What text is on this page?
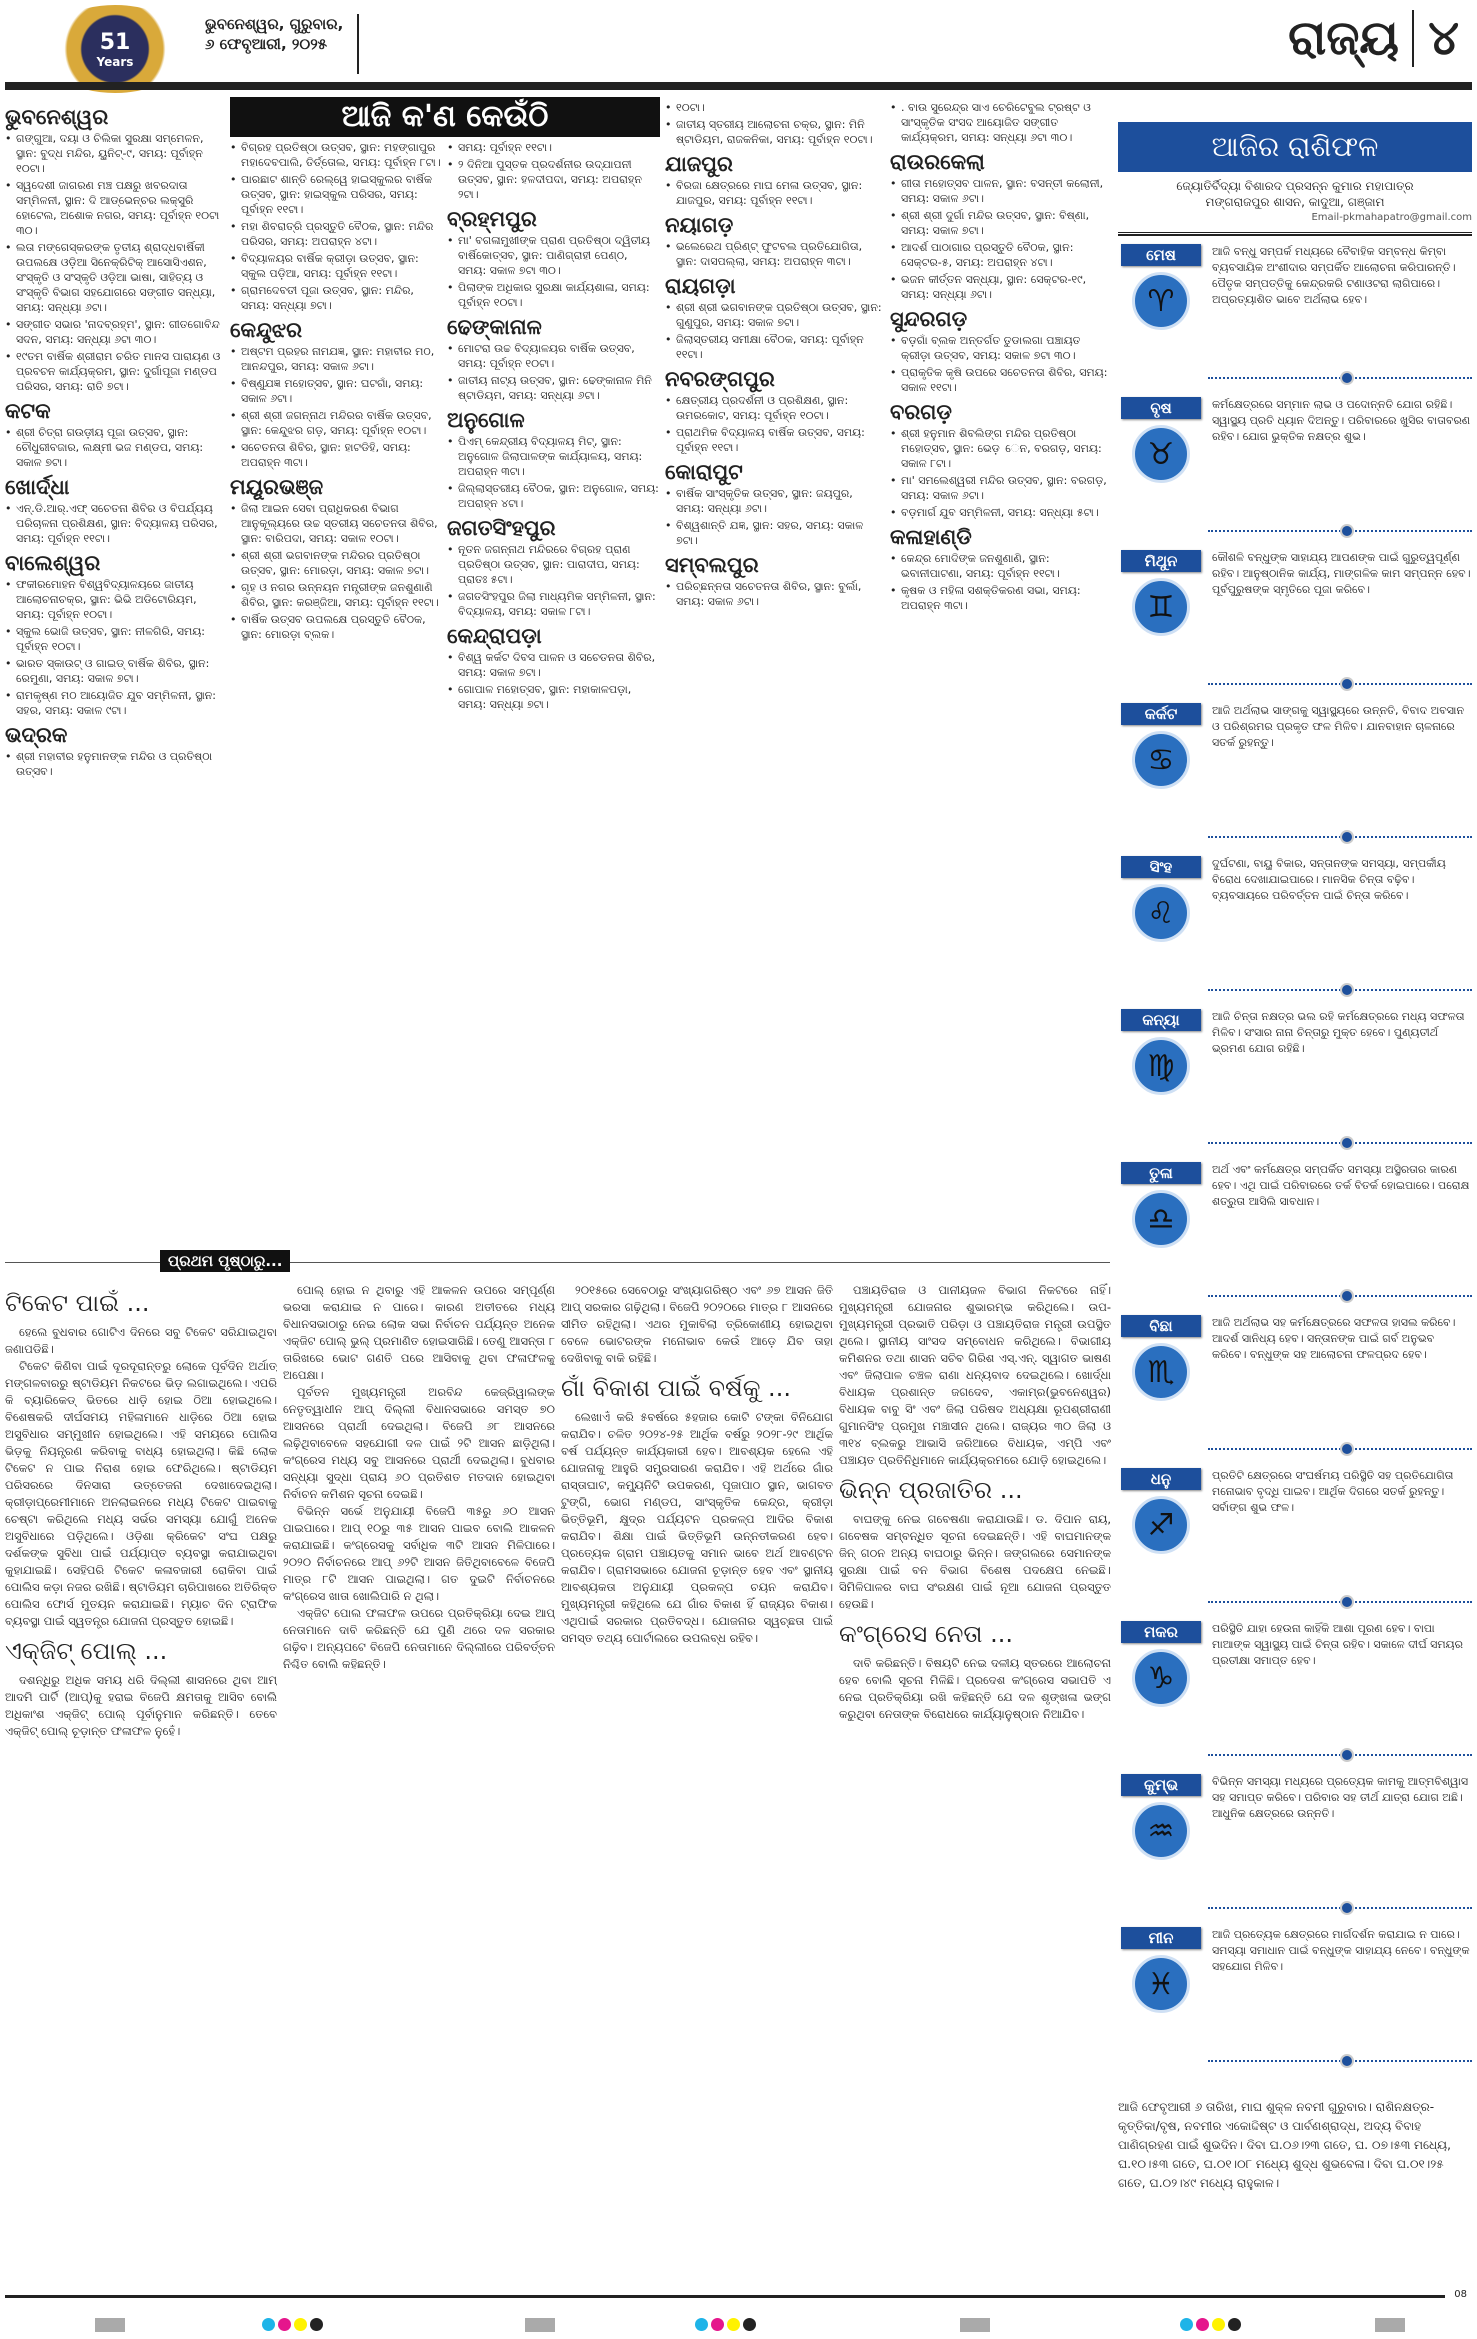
51
Years
ଭୁବନେଶ୍ୱର, ଗୁରୁବାର,
୬ ଫେବୃଆରୀ, ୨୦୨୫	ରାଜ୍ୟ ୪
ଆଜି କ'ଣ କେଉଁଠି
ଭୁବନେଶ୍ୱର
• ଗଙ୍ଗୁଆ, ଦୟା ଓ ଚିଲିକା ସୁରକ୍ଷା ସମ୍ମେଳନ, ସ୍ଥାନ: ବୁଦ୍ଧ ମନ୍ଦିର, ୟୁନିଟ୍-୯, ସମୟ: ପୂର୍ବାହ୍ନ ୧୦ଟା।
• ସ୍ୱଦେଶୀ ଜାଗରଣ ମଞ୍ଚ ପକ୍ଷରୁ ଖବରଦାତା ସମ୍ମିଳନୀ, ସ୍ଥାନ: ଦି ଆଡ୍‌ଭେନ୍‌ଚର ଲକ୍ସୁରି ହୋଟେଲ, ଅଶୋକ ନଗର, ସମୟ: ପୂର୍ବାହ୍ନ ୧୦ଟା ୩୦।
• ଲତା ମଙ୍ଗେସ୍‌କରଙ୍କ ତୃତୀୟ ଶ୍ରାଦ୍ଧବାର୍ଷିକୀ ଉପଲକ୍ଷେ ଓଡ଼ିଆ ସିନେକ୍ରିଟିକ୍ ଆସୋସିଏଶନ, ସଂସ୍କୃତି ଓ ସଂସ୍କୃତି ଓଡ଼ିଆ ଭାଷା, ସାହିତ୍ୟ ଓ ସଂସ୍କୃତି ବିଭାଗ ସହଯୋଗରେ ସଙ୍ଗୀତ ସନ୍ଧ୍ୟା, ସମୟ: ସନ୍ଧ୍ୟା ୬ଟା।
• ସଙ୍ଗୀତ ସଭାର 'ନାଦବ୍ରହ୍ମ', ସ୍ଥାନ: ଗୀତଗୋବିନ୍ଦ ସଦନ, ସମୟ: ସନ୍ଧ୍ୟା ୬ଟା ୩୦।
• ୧୯ତମ ବାର୍ଷିକ ଶ୍ରୀରାମ ଚରିତ ମାନସ ପାରାୟଣ ଓ ପ୍ରବଚନ କାର୍ଯ୍ୟକ୍ରମ, ସ୍ଥାନ: ଦୁର୍ଗାପୂଜା ମଣ୍ଡପ ପରିସର, ସମୟ: ରାତି ୭ଟା।
କଟକ
• ଶ୍ରୀ ଚିତ୍ରା ଗଉଡ଼ୀୟ ପୂଜା ଉତ୍ସବ, ସ୍ଥାନ: ଚୌଧୁରୀବଜାର, ଲକ୍ଷ୍ମୀ ଭଜ ମଣ୍ଡପ, ସମୟ: ସକାଳ ୭ଟା।
ଖୋର୍ଦ୍ଧା
• ଏନ୍.ଡି.ଆର୍.ଏଫ୍ ସଚେତନା ଶିବିର ଓ ବିପର୍ଯ୍ୟୟ ପରିଚାଳନା ପ୍ରଶିକ୍ଷଣ, ସ୍ଥାନ: ବିଦ୍ୟାଳୟ ପରିସର, ସମୟ: ପୂର୍ବାହ୍ନ ୧୧ଟା।
ବାଲେଶ୍ୱର
• ଫକୀରମୋହନ ବିଶ୍ୱବିଦ୍ୟାଳୟରେ ଜାତୀୟ ଆଲୋଚନାଚକ୍ର, ସ୍ଥାନ: ଭିଭି ଅଡିଟୋରିୟମ, ସମୟ: ପୂର୍ବାହ୍ନ ୧୦ଟା।
• ସ୍କୁଲ ଭୋଜି ଉତ୍ସବ, ସ୍ଥାନ: ନୀଳଗିରି, ସମୟ: ପୂର୍ବାହ୍ନ ୧୦ଟା।
• ଭାରତ ସ୍କାଉଟ୍ ଓ ଗାଇଡ୍ ବାର୍ଷିକ ଶିବିର, ସ୍ଥାନ: ରେମୁଣା, ସମୟ: ସକାଳ ୭ଟା।
• ରାମକୃଷ୍ଣ ମଠ ଆୟୋଜିତ ଯୁବ ସମ୍ମିଳନୀ, ସ୍ଥାନ: ସହର, ସମୟ: ସକାଳ ୯ଟା।
ଭଦ୍ରକ
• ଶ୍ରୀ ମହାବୀର ହନୁମାନଙ୍କ ମନ୍ଦିର ଓ ପ୍ରତିଷ୍ଠା ଉତ୍ସବ।
• ବିଗ୍ରହ ପ୍ରତିଷ୍ଠା ଉତ୍ସବ, ସ୍ଥାନ: ମହଙ୍ଗାପୁର ମହାଦେବପାଲି, ତିର୍ତ୍ତୋଲ, ସମୟ: ପୂର୍ବାହ୍ନ ୮ଟା।
• ପାରଛାଟ ଶାନ୍ତି ରେଲ୍ୱେ ହାଇସ୍କୁଲର ବାର୍ଷିକ ଉତ୍ସବ, ସ୍ଥାନ: ହାଇସ୍କୁଲ ପରିସର, ସମୟ: ପୂର୍ବାହ୍ନ ୧୧ଟା।
• ମହା ଶିବରାତ୍ରି ପ୍ରସ୍ତୁତି ବୈଠକ, ସ୍ଥାନ: ମନ୍ଦିର ପରିସର, ସମୟ: ଅପରାହ୍ନ ୪ଟା।
• ବିଦ୍ୟାଳୟର ବାର୍ଷିକ କ୍ରୀଡ଼ା ଉତ୍ସବ, ସ୍ଥାନ: ସ୍କୁଲ ପଡ଼ିଆ, ସମୟ: ପୂର୍ବାହ୍ନ ୧୧ଟା।
• ଗ୍ରାମଦେବତୀ ପୂଜା ଉତ୍ସବ, ସ୍ଥାନ: ମନ୍ଦିର, ସମୟ: ସନ୍ଧ୍ୟା ୭ଟା।
କେନ୍ଦୁଝର
• ଅଷ୍ଟମ ପ୍ରହର ନାମଯଜ୍ଞ, ସ୍ଥାନ: ମହାବୀର ମଠ, ଆନନ୍ଦପୁର, ସମୟ: ସକାଳ ୬ଟା।
• ବିଷ୍ଣୁଯଜ୍ଞ ମହୋତ୍ସବ, ସ୍ଥାନ: ଘଟଗାଁ, ସମୟ: ସକାଳ ୬ଟା।
• ଶ୍ରୀ ଶ୍ରୀ ଜଗନ୍ନାଥ ମନ୍ଦିରର ବାର୍ଷିକ ଉତ୍ସବ, ସ୍ଥାନ: କେନ୍ଦୁଝର ଗଡ଼, ସମୟ: ପୂର୍ବାହ୍ନ ୧୦ଟା।
• ସଚେତନତା ଶିବିର, ସ୍ଥାନ: ହାଟଡିହି, ସମୟ: ଅପରାହ୍ନ ୩ଟା।
ମୟୂରଭଞ୍ଜ
• ଜିଲା ଆଇନ ସେବା ପ୍ରାଧିକରଣ ବିଭାଗ ଆନୁକୂଲ୍ୟରେ ଉଚ୍ଚ ସ୍ତରୀୟ ସଚେତନତା ଶିବିର, ସ୍ଥାନ: ବାରିପଦା, ସମୟ: ସକାଳ ୧୦ଟା।
• ଶ୍ରୀ ଶ୍ରୀ ଭଗବାନଙ୍କ ମନ୍ଦିରର ପ୍ରତିଷ୍ଠା ଉତ୍ସବ, ସ୍ଥାନ: ମୋରଡ଼ା, ସମୟ: ସକାଳ ୭ଟା।
• ଗୃହ ଓ ନଗର ଉନ୍ନୟନ ମନ୍ତ୍ରୀଙ୍କ ଜନଶୁଣାଣି ଶିବିର, ସ୍ଥାନ: କରଞ୍ଜିଆ, ସମୟ: ପୂର୍ବାହ୍ନ ୧୧ଟା।
• ବାର୍ଷିକ ଉତ୍ସବ ଉପଲକ୍ଷେ ପ୍ରସ୍ତୁତି ବୈଠକ, ସ୍ଥାନ: ମୋରଡ଼ା ବ୍ଲକ।
• ସମୟ: ପୂର୍ବାହ୍ନ ୧୧ଟା।
• ୨ ଦିନିଆ ପୁସ୍ତକ ପ୍ରଦର୍ଶନୀର ଉଦ୍‌ଯାପନୀ ଉତ୍ସବ, ସ୍ଥାନ: ହଳଦୀପଦା, ସମୟ: ଅପରାହ୍ନ ୨ଟା।
ବ୍ରହ୍ମପୁର
• ମା' ବଗଳାମୁଖୀଙ୍କ ପ୍ରାଣ ପ୍ରତିଷ୍ଠା ଦ୍ୱିତୀୟ ବାର୍ଷିକୋତ୍ସବ, ସ୍ଥାନ: ପାଣିଗ୍ରାହୀ ପେଣ୍ଠ, ସମୟ: ସକାଳ ୭ଟା ୩୦।
• ପିଲାଙ୍କ ଅଧିକାର ସୁରକ୍ଷା କାର୍ଯ୍ୟଶାଳା, ସମୟ: ପୂର୍ବାହ୍ନ ୧୦ଟା।
ଢେଙ୍କାନାଳ
• ମୋଟରା ଉଚ୍ଚ ବିଦ୍ୟାଳୟର ବାର୍ଷିକ ଉତ୍ସବ, ସମୟ: ପୂର୍ବାହ୍ନ ୧୦ଟା।
• ଜାତୀୟ ନାଟ୍ୟ ଉତ୍ସବ, ସ୍ଥାନ: ଢେଙ୍କାନାଳ ମିନି ଷ୍ଟାଡିୟମ, ସମୟ: ସନ୍ଧ୍ୟା ୬ଟା।
ଅନୁଗୋଳ
• ପିଏମ୍ କେନ୍ଦ୍ରୀୟ ବିଦ୍ୟାଳୟ ମିଟ୍, ସ୍ଥାନ: ଅନୁଗୋଳ ଜିଲାପାଳଙ୍କ କାର୍ଯ୍ୟାଳୟ, ସମୟ: ଅପରାହ୍ନ ୩ଟା।
• ଜିଲ୍ଲାସ୍ତରୀୟ ବୈଠକ, ସ୍ଥାନ: ଅନୁଗୋଳ, ସମୟ: ଅପରାହ୍ନ ୪ଟା।
ଜଗତସିଂହପୁର
• ନୂତନ ଜଗନ୍ନାଥ ମନ୍ଦିରରେ ବିଗ୍ରହ ପ୍ରାଣ ପ୍ରତିଷ୍ଠା ଉତ୍ସବ, ସ୍ଥାନ: ପାରାଦୀପ, ସମୟ: ପ୍ରାତଃ ୫ଟା।
• ଜଗତସିଂହପୁର ଜିଲା ମାଧ୍ୟମିକ ସମ୍ମିଳନୀ, ସ୍ଥାନ: ବିଦ୍ୟାଳୟ, ସମୟ: ସକାଳ ୮ଟା।
କେନ୍ଦ୍ରାପଡ଼ା
• ବିଶ୍ୱ କର୍କଟ ଦିବସ ପାଳନ ଓ ସଚେତନତା ଶିବିର, ସମୟ: ସକାଳ ୭ଟା।
• ଗୋପାଳ ମହୋତ୍ସବ, ସ୍ଥାନ: ମହାକାଳପଡ଼ା, ସମୟ: ସନ୍ଧ୍ୟା ୭ଟା।
• ୧୦ଟା।
• ଜାତୀୟ ସ୍ତରୀୟ ଆଲୋଚନା ଚକ୍ର, ସ୍ଥାନ: ମିନି ଷ୍ଟାଡିୟମ, ରାଜକନିକା, ସମୟ: ପୂର୍ବାହ୍ନ ୧୦ଟା।
ଯାଜପୁର
• ବିରଜା କ୍ଷେତ୍ରରେ ମାଘ ମେଳା ଉତ୍ସବ, ସ୍ଥାନ: ଯାଜପୁର, ସମୟ: ପୂର୍ବାହ୍ନ ୧୧ଟା।
ନୟାଗଡ଼
• ଭଲେରେଥ ପ୍ରିଣ୍ଟ୍ ଫୁଟବଲ ପ୍ରତିଯୋଗିତା, ସ୍ଥାନ: ଦାସପଲ୍ଲା, ସମୟ: ଅପରାହ୍ନ ୩ଟା।
ରାୟଗଡ଼ା
• ଶ୍ରୀ ଶ୍ରୀ ଭଗବାନଙ୍କ ପ୍ରତିଷ୍ଠା ଉତ୍ସବ, ସ୍ଥାନ: ଗୁଣୁପୁର, ସମୟ: ସକାଳ ୭ଟା।
• ଜିଲାସ୍ତରୀୟ ସମୀକ୍ଷା ବୈଠକ, ସମୟ: ପୂର୍ବାହ୍ନ ୧୧ଟା।
ନବରଙ୍ଗପୁର
• କ୍ଷେତ୍ରୀୟ ପ୍ରଦର୍ଶନୀ ଓ ପ୍ରଶିକ୍ଷଣ, ସ୍ଥାନ: ଉମରକୋଟ, ସମୟ: ପୂର୍ବାହ୍ନ ୧୦ଟା।
• ପ୍ରାଥମିକ ବିଦ୍ୟାଳୟ ବାର୍ଷିକ ଉତ୍ସବ, ସମୟ: ପୂର୍ବାହ୍ନ ୧୧ଟା।
କୋରାପୁଟ
• ବାର୍ଷିକ ସାଂସ୍କୃତିକ ଉତ୍ସବ, ସ୍ଥାନ: ଜୟପୁର, ସମୟ: ସନ୍ଧ୍ୟା ୬ଟା।
• ବିଶ୍ୱଶାନ୍ତି ଯଜ୍ଞ, ସ୍ଥାନ: ସହର, ସମୟ: ସକାଳ ୭ଟା।
ସମ୍ବଲପୁର
• ପରିଚ୍ଛନ୍ନତା ସଚେତନତା ଶିବିର, ସ୍ଥାନ: ବୁର୍ଲା, ସମୟ: ସକାଳ ୬ଟା।
• . ବାଉ ସୁରେନ୍ଦ୍ର ସାଏ ଚେରିଟେବୁଲ ଟ୍ରଷ୍ଟ ଓ ସାଂସ୍କୃତିକ ସଂସଦ ଆୟୋଜିତ ସଙ୍ଗୀତ କାର୍ଯ୍ୟକ୍ରମ, ସମୟ: ସନ୍ଧ୍ୟା ୬ଟା ୩୦।
ରାଉରକେଲା
• ଗୀତା ମହୋତ୍ସବ ପାଳନ, ସ୍ଥାନ: ବସନ୍ତୀ କଲୋନୀ, ସମୟ: ସକାଳ ୬ଟା।
• ଶ୍ରୀ ଶ୍ରୀ ଦୁର୍ଗା ମନ୍ଦିର ଉତ୍ସବ, ସ୍ଥାନ: ବିଷ୍ଣା, ସମୟ: ସକାଳ ୭ଟା।
• ଆଦର୍ଶ ପାଠାଗାର ପ୍ରସ୍ତୁତି ବୈଠକ, ସ୍ଥାନ: ସେକ୍ଟର-୫, ସମୟ: ଅପରାହ୍ନ ୪ଟା।
• ଭଜନ କୀର୍ତ୍ତନ ସନ୍ଧ୍ୟା, ସ୍ଥାନ: ସେକ୍ଟର-୧୯, ସମୟ: ସନ୍ଧ୍ୟା ୬ଟା।
ସୁନ୍ଦରଗଡ଼
• ବଡ଼ଗାଁ ବ୍ଲକ ଅନ୍ତର୍ଗତ ତୁଡାଲଗା ପଞ୍ଚାୟତ କ୍ରୀଡ଼ା ଉତ୍ସବ, ସମୟ: ସକାଳ ୭ଟା ୩୦।
• ପ୍ରାକୃତିକ କୃଷି ଉପରେ ସଚେତନତା ଶିବିର, ସମୟ: ସକାଳ ୧୧ଟା।
ବରଗଡ଼
• ଶ୍ରୀ ହନୁମାନ ଶିବଲିଙ୍ଗ ମନ୍ଦିର ପ୍ରତିଷ୍ଠା ମହୋତ୍ସବ, ସ୍ଥାନ: ଭେଡ଼ େନ, ବରଗଡ଼, ସମୟ: ସକାଳ ୮ଟା।
• ମା' ସମଲେଶ୍ୱରୀ ମନ୍ଦିର ଉତ୍ସବ, ସ୍ଥାନ: ବରଗଡ଼, ସମୟ: ସକାଳ ୬ଟା।
• ବଡ଼ମାର୍ଗ ଯୁବ ସମ୍ମିଳନୀ, ସମୟ: ସନ୍ଧ୍ୟା ୫ଟା।
କଳାହାଣ୍ଡି
• କେନ୍ଦ୍ର ମୋଦିଙ୍କ ଜନଶୁଣାଣି, ସ୍ଥାନ: ଭବାନୀପାଟଣା, ସମୟ: ପୂର୍ବାହ୍ନ ୧୧ଟା।
• କୃଷକ ଓ ମହିଳା ସଶକ୍ତିକରଣ ସଭା, ସମୟ: ଅପରାହ୍ନ ୩ଟା।
ଆଜିର ରାଶିଫଳ
ଜ୍ୟୋତିର୍ବିଦ୍ୟା ବିଶାରଦ ପ୍ରସନ୍ନ କୁମାର ମହାପାତ୍ର
ମଙ୍ଗରାଜପୁର ଶାସନ, କାଦୁଆ, ଗଞ୍ଜାମ
Email-pkmahapatro@gmail.com
ମେଷ
♈
ଆଜି ବନ୍ଧୁ ସମ୍ପର୍କ ମଧ୍ୟରେ ବୈବାହିକ ସମ୍ବନ୍ଧ କିମ୍ବା ବ୍ୟବସାୟିକ ଅଂଶୀଦାର ସମ୍ପର୍କିତ ଆଲୋଚନା କରିପାରନ୍ତି। ପୈତୃକ ସମ୍ପତ୍ତିକୁ କେନ୍ଦ୍ରକରି ଟଣାଓଟରା ଲାଗିପାରେ। ଅପ୍ରତ୍ୟାଶିତ ଭାବେ ଅର୍ଥଲାଭ ହେବ।
ବୃଷ
♉
କର୍ମକ୍ଷେତ୍ରରେ ସମ୍ମାନ ଲାଭ ଓ ପଦୋନ୍ନତି ଯୋଗ ରହିଛି। ସ୍ୱାସ୍ଥ୍ୟ ପ୍ରତି ଧ୍ୟାନ ଦିଅନ୍ତୁ। ପରିବାରରେ ଖୁସିର ବାତାବରଣ ରହିବ। ଯୋଗ ଭୁକ୍ତିକ ନକ୍ଷତ୍ର ଶୁଭ।
ମିଥୁନ
♊
କୌଶଳି ବନ୍ଧୁଙ୍କ ସାହାଯ୍ୟ ଆପଣଙ୍କ ପାଇଁ ଗୁରୁତ୍ୱପୂର୍ଣ୍ଣ ରହିବ। ଆନୁଷ୍ଠାନିକ କାର୍ଯ୍ୟ, ମାଙ୍ଗଳିକ କାମ ସମ୍ପନ୍ନ ହେବ। ପୂର୍ବପୁରୁଷଙ୍କ ସ୍ମୃତିରେ ପୂଜା କରିବେ।
କର୍କଟ
♋
ଆଜି ଅର୍ଥଲାଭ ସାଙ୍ଗକୁ ସ୍ୱାସ୍ଥ୍ୟରେ ଉନ୍ନତି, ବିବାଦ ଅବସାନ ଓ ପରିଶ୍ରମର ପ୍ରକୃତ ଫଳ ମିଳିବ। ଯାନବାହାନ ଚାଳନାରେ ସତର୍କ ରୁହନ୍ତୁ।
ସିଂହ
♌
ଦୁର୍ଘଟଣା, ବାୟୁ ବିକାର, ସନ୍ତାନଙ୍କ ସମସ୍ୟା, ସମ୍ପର୍କୀୟ ବିରୋଧ ଦେଖାଯାଇପାରେ। ମାନସିକ ଚିନ୍ତା ବଢ଼ିବ। ବ୍ୟବସାୟରେ ପରିବର୍ତ୍ତନ ପାଇଁ ଚିନ୍ତା କରିବେ।
କନ୍ୟା
♍
ଆଜି ଚିନ୍ତା ନକ୍ଷତ୍ର ଭଲ ରହି କର୍ମକ୍ଷେତ୍ରରେ ମଧ୍ୟ ସଫଳତା ମିଳିବ। ସଂସାର ନାନା ଚିନ୍ତାରୁ ମୁକ୍ତ ହେବେ। ପୁଣ୍ୟତୀର୍ଥ ଭ୍ରମଣ ଯୋଗ ରହିଛି।
ତୁଳା
♎
ଅର୍ଥ ଏବଂ କର୍ମକ୍ଷେତ୍ର ସମ୍ପର୍କିତ ସମସ୍ୟା ଅସ୍ଥିରତାର କାରଣ ହେବ। ଏଥି ପାଇଁ ପରିବାରରେ ତର୍କ ବିତର୍କ ହୋଇପାରେ। ପରୋକ୍ଷ ଶତ୍ରୁତା ଆସିଲି ସାବଧାନ।
ବିଛା
♏
ଆଜି ଅର୍ଥଲାଭ ସହ କର୍ମକ୍ଷେତ୍ରରେ ସଫଳତା ହାସଲ କରିବେ। ଆଦର୍ଶ ସାନିଧ୍ୟ ହେବ। ସନ୍ତାନଙ୍କ ପାଇଁ ଗର୍ବ ଅନୁଭବ କରିବେ। ବନ୍ଧୁଙ୍କ ସହ ଆଲୋଚନା ଫଳପ୍ରଦ ହେବ।
ଧନୁ
♐
ପ୍ରତିଟି କ୍ଷେତ୍ରରେ ସଂଘର୍ଷମୟ ପରିସ୍ଥିତି ସହ ପ୍ରତିଯୋଗିତା ମନୋଭାବ ବୃଦ୍ଧି ପାଇବ। ଆର୍ଥିକ ଦିଗରେ ସତର୍କ ରୁହନ୍ତୁ। ସର୍ବାଙ୍ଗ ଶୁଭ ଫଳ।
ମକର
♑
ପରିସ୍ଥିତି ଯାହା ହେଉନା କାହିଁକି ଆଶା ପୂରଣ ହେବ। ବାପା ମାଆଙ୍କ ସ୍ୱାସ୍ଥ୍ୟ ପାଇଁ ଚିନ୍ତା ରହିବ। ସକାଳେ ଦୀର୍ଘ ସମୟର ପ୍ରତୀକ୍ଷା ସମାପ୍ତ ହେବ।
କୁମ୍ଭ
♒
ବିଭିନ୍ନ ସମସ୍ୟା ମଧ୍ୟରେ ପ୍ରତ୍ୟେକ କାମକୁ ଆତ୍ମବିଶ୍ୱାସ ସହ ସମାପ୍ତ କରିବେ। ପରିବାର ସହ ତୀର୍ଥ ଯାତ୍ରା ଯୋଗ ଅଛି। ଆଧୁନିକ କ୍ଷେତ୍ରରେ ଉନ୍ନତି।
ମୀନ
♓
ଆଜି ପ୍ରତ୍ୟେକ କ୍ଷେତ୍ରରେ ମାର୍ଗଦର୍ଶନ କରାଯାଇ ନ ପାରେ। ସମସ୍ୟା ସମାଧାନ ପାଇଁ ବନ୍ଧୁଙ୍କ ସାହାଯ୍ୟ ନେବେ। ବନ୍ଧୁଙ୍କ ସହଯୋଗ ମିଳିବ।
ଆଜି ଫେବୃଆରୀ ୬ ତାରିଖ, ମାଘ ଶୁକ୍ଳ ନବମୀ ଗୁରୁବାର। ରାଶିନକ୍ଷତ୍ର-କୃତ୍ତିକା/ବୃଷ, ନବମୀର ଏକୋଦ୍ଦିଷ୍ଟ ଓ ପାର୍ବଣଶ୍ରାଦ୍ଧ, ଅଦ୍ୟ ବିବାହ ପାଣିଗ୍ରହଣ ପାଇଁ ଶୁଭଦିନ। ଦିବା ଘ.୦୬।୨୩ ଗତେ, ଘ. ୦୭।୫୩ ମଧ୍ୟେ, ଘ.୧୦।୫୩ ଗତେ, ଘ.୦୧।୦୮ ମଧ୍ୟେ ଶୁଦ୍ଧ ଶୁଭବେଳା। ଦିବା ଘ.୦୧।୨୫ ଗତେ, ଘ.୦୨।୪୯ ମଧ୍ୟେ ରାହୁକାଳ।
ପ୍ରଥମ ପୃଷ୍ଠାରୁ...
ଟିକେଟ ପାଇଁ ...

ହେଲେ ବୁଧବାର ଗୋଟିଏ ଦିନରେ ସବୁ ଟିକେଟ ସରିଯାଇଥିବା ଜଣାପଡିଛି।

ଟିକେଟ କିଣିବା ପାଇଁ ଦୂରଦୂରାନ୍ତରୁ ଲୋକେ ପୂର୍ବଦିନ ଅର୍ଥାତ୍ ମଙ୍ଗଳବାରରୁ ଷ୍ଟାଡିୟମ ନିକଟରେ ଭିଡ଼ ଲଗାଇଥିଲେ। ଏପରି କି ବ୍ୟାରିକେଡ୍ ଭିତରେ ଧାଡ଼ି ହୋଇ ଠିଆ ହୋଇଥିଲେ। ବିଶେଷକରି ଦୀର୍ଘସମୟ ମହିଳାମାନେ ଧାଡ଼ିରେ ଠିଆ ହୋଇ ଅସୁବିଧାର ସମ୍ମୁଖୀନ ହୋଇଥିଲେ। ଏହି ସମୟରେ ପୋଲିସ ଭିଡ଼କୁ ନିୟନ୍ତ୍ରଣ କରିବାକୁ ବାଧ୍ୟ ହୋଇଥିଲା। କିଛି ଲୋକ ଟିକେଟ ନ ପାଇ ନିରାଶ ହୋଇ ଫେରିଥିଲେ। ଷ୍ଟାଡିୟମ ପରିସରରେ ଦିନସାରା ଉତ୍ତେଜନା ଦେଖାଦେଇଥିଲା। କ୍ରୀଡ଼ାପ୍ରେମୀମାନେ ଅନଲାଇନରେ ମଧ୍ୟ ଟିକେଟ ପାଇବାକୁ ଚେଷ୍ଟା କରିଥିଲେ ମଧ୍ୟ ସର୍ଭର ସମସ୍ୟା ଯୋଗୁଁ ଅନେକ ଅସୁବିଧାରେ ପଡ଼ିଥିଲେ। ଓଡ଼ିଶା କ୍ରିକେଟ ସଂଘ ପକ୍ଷରୁ ଦର୍ଶକଙ୍କ ସୁବିଧା ପାଇଁ ପର୍ଯ୍ୟାପ୍ତ ବ୍ୟବସ୍ଥା କରାଯାଇଥିବା କୁହାଯାଇଛି। ସେହିପରି ଟିକେଟ କଳାବଜାରୀ ରୋକିବା ପାଇଁ ପୋଲିସ କଡ଼ା ନଜର ରଖିଛି। ଷ୍ଟାଡିୟମ ଚାରିପାଖରେ ଅତିରିକ୍ତ ପୋଲିସ ଫୋର୍ସ ମୁତୟନ କରାଯାଇଛି। ମ୍ୟାଚ ଦିନ ଟ୍ରାଫିକ ବ୍ୟବସ୍ଥା ପାଇଁ ସ୍ୱତନ୍ତ୍ର ଯୋଜନା ପ୍ରସ୍ତୁତ ହୋଇଛି।

ଏକ୍‌ଜିଟ୍ ପୋଲ୍ ...

ଦଶନ୍ଧିରୁ ଅଧିକ ସମୟ ଧରି ଦିଲ୍ଲୀ ଶାସନରେ ଥିବା ଆମ୍ ଆଦମି ପାର୍ଟି (ଆପ୍)କୁ ହରାଇ ବିଜେପି କ୍ଷମତାକୁ ଆସିବ ବୋଲି ଅଧିକାଂଶ ଏକ୍‌ଜିଟ୍ ପୋଲ୍ ପୂର୍ବାନୁମାନ କରିଛନ୍ତି। ତେବେ ଏକ୍‌ଜିଟ୍ ପୋଲ୍ ଚୂଡ଼ାନ୍ତ ଫଳାଫଳ ନୁହେଁ।

ପୋଲ୍ ହୋଇ ନ ଥିବାରୁ ଏହି ଆକଳନ ଉପରେ ସମ୍ପୂର୍ଣ୍ଣ ଭରସା କରାଯାଇ ନ ପାରେ। କାରଣ ଅତୀତରେ ମଧ୍ୟ ବିଧାନସଭାଠାରୁ ନେଇ ଲୋକ ସଭା ନିର୍ବାଚନ ପର୍ଯ୍ୟନ୍ତ ଅନେକ ଏକ୍‌ଜିଟ ପୋଲ୍ ଭୁଲ୍ ପ୍ରମାଣିତ ହୋଇସାରିଛି। ତେଣୁ ଆସନ୍ତା ୮ ତାରିଖରେ ଭୋଟ ଗଣତି ପରେ ଆସିବାକୁ ଥିବା ଫଳାଫଳକୁ ଅପେକ୍ଷା।

ପୂର୍ବତନ ମୁଖ୍ୟମନ୍ତ୍ରୀ ଅରବିନ୍ଦ କେଜ୍‌ରିୱାଲଙ୍କ ନେତୃତ୍ୱାଧୀନ ଆପ୍ ଦିଲ୍ଲୀ ବିଧାନସଭାରେ ସମସ୍ତ ୭୦ ଆସନରେ ପ୍ରାର୍ଥୀ ଦେଇଥିଲା। ବିଜେପି ୬୮ ଆସନରେ ଲଢ଼ିଥିବାବେଳେ ସହଯୋଗୀ ଦଳ ପାଇଁ ୨ଟି ଆସନ ଛାଡ଼ିଥିଲା। କଂଗ୍ରେସ ମଧ୍ୟ ସବୁ ଆସନରେ ପ୍ରାର୍ଥୀ ଦେଇଥିଲା। ବୁଧବାର ସନ୍ଧ୍ୟା ସୁଦ୍ଧା ପ୍ରାୟ ୬୦ ପ୍ରତିଶତ ମତଦାନ ହୋଇଥିବା ନିର୍ବାଚନ କମିଶନ ସୂଚନା ଦେଇଛି।

ବିଭିନ୍ନ ସର୍ଭେ ଅନୁଯାୟୀ ବିଜେପି ୩୫ରୁ ୬୦ ଆସନ ପାଇପାରେ। ଆପ୍ ୧୦ରୁ ୩୫ ଆସନ ପାଇବ ବୋଲି ଆକଳନ କରାଯାଇଛି। କଂଗ୍ରେସକୁ ସର୍ବାଧିକ ୩ଟି ଆସନ ମିଳିପାରେ। ୨୦୨୦ ନିର୍ବାଚନରେ ଆପ୍ ୬୨ଟି ଆସନ ଜିତିଥିବାବେଳେ ବିଜେପି ମାତ୍ର ୮ଟି ଆସନ ପାଇଥିଲା। ଗତ ଦୁଇଟି ନିର୍ବାଚନରେ କଂଗ୍ରେସ ଖାତା ଖୋଲିପାରି ନ ଥିଲା।

ଏକ୍‌ଜିଟ ପୋଲ ଫଳାଫଳ ଉପରେ ପ୍ରତିକ୍ରିୟା ଦେଇ ଆପ୍ ନେତାମାନେ ଦାବି କରିଛନ୍ତି ଯେ ପୁଣି ଥରେ ଦଳ ସରକାର ଗଢ଼ିବ। ଅନ୍ୟପଟେ ବିଜେପି ନେତାମାନେ ଦିଲ୍ଲୀରେ ପରିବର୍ତ୍ତନ ନିଶ୍ଚିତ ବୋଲି କହିଛନ୍ତି।

୨୦୧୫ରେ ସେବେଠାରୁ ସଂଖ୍ୟାଗରିଷ୍ଠ ଏବଂ ୬୭ ଆସନ ଜିତି ଆପ୍ ସରକାର ଗଢ଼ିଥିଲା। ବିଜେପି ୨୦୨୦ରେ ମାତ୍ର ୮ ଆସନରେ ସୀମିତ ରହିଥିଲା। ଏଥର ମୁକାବିଲା ତ୍ରିକୋଣୀୟ ହୋଇଥିବା ବେଳେ ଭୋଟରଙ୍କ ମନୋଭାବ କେଉଁ ଆଡ଼େ ଯିବ ତାହା ଦେଖିବାକୁ ବାକି ରହିଛି।

ଗାଁ ବିକାଶ ପାଇଁ ବର୍ଷକୁ ...

ଲେଖାଏଁ କରି ୫ବର୍ଷରେ ୫ହଜାର କୋଟି ଟଙ୍କା ବିନିଯୋଗ କରାଯିବ। ଚଳିତ ୨୦୨୪-୨୫ ଆର୍ଥିକ ବର୍ଷରୁ ୨୦୨୮-୨୯ ଆର୍ଥିକ ବର୍ଷ ପର୍ଯ୍ୟନ୍ତ କାର୍ଯ୍ୟକାରୀ ହେବ। ଆବଶ୍ୟକ ହେଲେ ଏହି ଯୋଜନାକୁ ଆହୁରି ସମ୍ପ୍ରସାରଣ କରାଯିବ। ଏହି ଅର୍ଥରେ ଗାଁର ରାସ୍ତାଘାଟ, କମ୍ୟୁନିଟି ଉପକରଣ, ପୂଜାପାଠ ସ୍ଥାନ, ଭାଗବତ ଟୁଙ୍ଗି, ଭୋଗ ମଣ୍ଡପ, ସାଂସ୍କୃତିକ କେନ୍ଦ୍ର, କ୍ରୀଡ଼ା ଭିତ୍ତିଭୂମି, କ୍ଷୁଦ୍ର ପର୍ଯ୍ୟଟନ ପ୍ରକଳ୍ପ ଆଦିର ବିକାଶ କରାଯିବ। ଶିକ୍ଷା ପାଇଁ ଭିତ୍ତିଭୂମି ଉନ୍ନତୀକରଣ ହେବ। ପ୍ରତ୍ୟେକ ଗ୍ରାମ ପଞ୍ଚାୟତକୁ ସମାନ ଭାବେ ଅର୍ଥ ଆବଣ୍ଟନ କରାଯିବ। ଗ୍ରାମସଭାରେ ଯୋଜନା ଚୂଡ଼ାନ୍ତ ହେବ ଏବଂ ସ୍ଥାନୀୟ ଆବଶ୍ୟକତା ଅନୁଯାୟୀ ପ୍ରକଳ୍ପ ଚୟନ କରାଯିବ। ମୁଖ୍ୟମନ୍ତ୍ରୀ କହିଥିଲେ ଯେ ଗାଁର ବିକାଶ ହିଁ ରାଜ୍ୟର ବିକାଶ। ଏଥିପାଇଁ ସରକାର ପ୍ରତିବଦ୍ଧ। ଯୋଜନାର ସ୍ୱଚ୍ଛତା ପାଇଁ ସମସ୍ତ ତଥ୍ୟ ପୋର୍ଟାଲରେ ଉପଲବ୍ଧ ରହିବ।

ପଞ୍ଚାୟତିରାଜ ଓ ପାନୀୟଜଳ ବିଭାଗ ନିକଟରେ ନାହିଁ। ମୁଖ୍ୟମନ୍ତ୍ରୀ ଯୋଜନାର ଶୁଭାରମ୍ଭ କରିଥିଲେ। ଉପ-ମୁଖ୍ୟମନ୍ତ୍ରୀ ପ୍ରଭାତି ପରିଡ଼ା ଓ ପଞ୍ଚାୟତିରାଜ ମନ୍ତ୍ରୀ ଉପସ୍ଥିତ ଥିଲେ। ସ୍ଥାନୀୟ ସାଂସଦ ସମ୍ବୋଧନ କରିଥିଲେ। ବିଭାଗୀୟ କମିଶନର ତଥା ଶାସନ ସଚିବ ଗିରିଶ ଏସ୍.ଏନ୍. ସ୍ୱାଗତ ଭାଷଣ ଏବଂ ଜିଲାପାଳ ଚଞ୍ଚଳ ରାଣା ଧନ୍ୟବାଦ ଦେଇଥିଲେ। ଖୋର୍ଦ୍ଧା ବିଧାୟକ ପ୍ରଶାନ୍ତ ଜଗଦେବ, ଏକାମ୍ର(ଭୁବନେଶ୍ୱର) ବିଧାୟକ ବାବୁ ସିଂ ଏବଂ ଜିଲା ପରିଷଦ ଅଧ୍ୟକ୍ଷା ରୂପଶ୍ରୀରାଣୀ ଗୁମାନସିଂହ ପ୍ରମୁଖ ମଞ୍ଚାସୀନ ଥିଲେ। ରାଜ୍ୟର ୩୦ ଜିଲା ଓ ୩୧୪ ବ୍ଲକରୁ ଆଭାସି ଜରିଆରେ ବିଧାୟକ, ଏମ୍‌ପି ଏବଂ ପଞ୍ଚାୟତ ପ୍ରତିନିଧିମାନେ କାର୍ଯ୍ୟକ୍ରମରେ ଯୋଡ଼ି ହୋଇଥିଲେ।

ଭିନ୍ନ ପ୍ରଜାତିର ...

ବାଘଙ୍କୁ ନେଇ ଗବେଷଣା କରାଯାଉଛି। ଡ. ଦିପାନ ରାୟ, ଗବେଷକ ସମ୍ବନ୍ଧିତ ସୂଚନା ଦେଇଛନ୍ତି। ଏହି ବାଘମାନଙ୍କ ଜିନ୍ ଗଠନ ଅନ୍ୟ ବାଘଠାରୁ ଭିନ୍ନ। ଜଙ୍ଗଲରେ ସେମାନଙ୍କ ସୁରକ୍ଷା ପାଇଁ ବନ ବିଭାଗ ବିଶେଷ ପଦକ୍ଷେପ ନେଇଛି। ସିମିଳିପାଳର ବାଘ ସଂରକ୍ଷଣ ପାଇଁ ନୂଆ ଯୋଜନା ପ୍ରସ୍ତୁତ ହେଉଛି।

କଂଗ୍ରେସ ନେତା ...

ଦାବି କରିଛନ୍ତି। ବିଷୟଟି ନେଇ ଦଳୀୟ ସ୍ତରରେ ଆଲୋଚନା ହେବ ବୋଲି ସୂଚନା ମିଳିଛି। ପ୍ରଦେଶ କଂଗ୍ରେସ ସଭାପତି ଏ ନେଇ ପ୍ରତିକ୍ରିୟା ରଖି କହିଛନ୍ତି ଯେ ଦଳ ଶୃଙ୍ଖଳା ଭଙ୍ଗ କରୁଥିବା ନେତାଙ୍କ ବିରୋଧରେ କାର୍ଯ୍ୟାନୁଷ୍ଠାନ ନିଆଯିବ।

08
